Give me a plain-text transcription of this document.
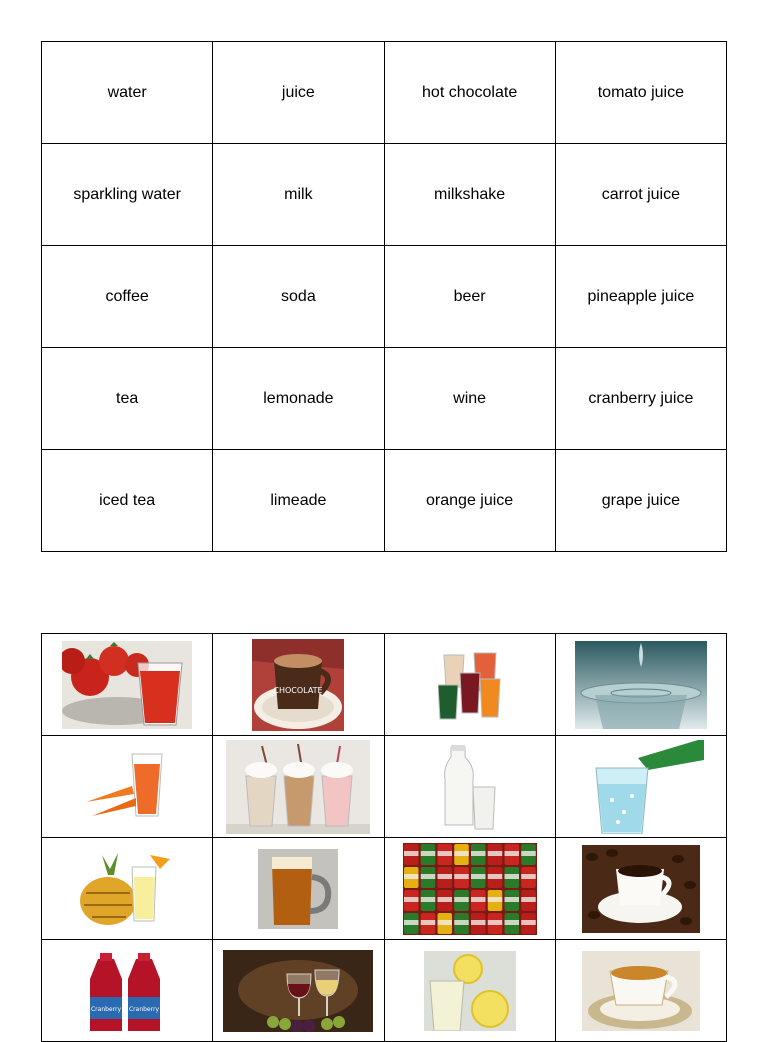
water	juice	hot chocolate	tomato juice
sparkling water	milk	milkshake	carrot juice
coffee	soda	beer	pineapple juice
tea	lemonade	wine	cranberry juice
iced tea	limeade	orange juice	grape juice

CHOCOLATE

Cranberry Cranberry
